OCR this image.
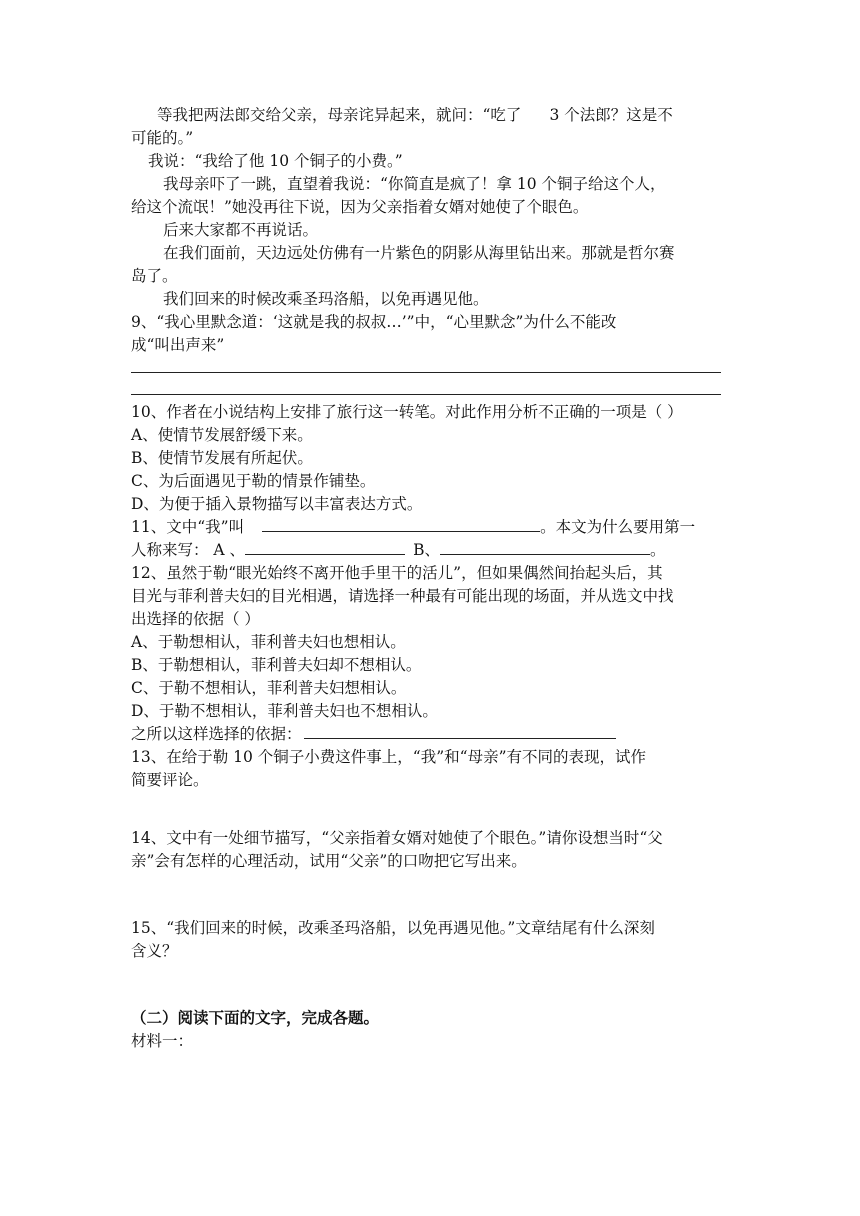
等我把两法郎交给父亲，母亲诧异起来，就问：“吃了 3 个法郎？这是不
可能的。”
我说：“我给了他 10 个铜子的小费。”
我母亲吓了一跳，直望着我说：“你简直是疯了！拿 10 个铜子给这个人，
给这个流氓！”她没再往下说，因为父亲指着女婿对她使了个眼色。
后来大家都不再说话。
在我们面前，天边远处仿佛有一片紫色的阴影从海里钻出来。那就是哲尔赛
岛了。
我们回来的时候改乘圣玛洛船，以免再遇见他。
9、“我心里默念道：‘这就是我的叔叔…’”中，“心里默念”为什么不能改
成“叫出声来”
10、作者在小说结构上安排了旅行这一转笔。对此作用分析不正确的一项是（ ）
A、使情节发展舒缓下来。
B、使情节发展有所起伏。
C、为后面遇见于勒的情景作铺垫。
D、为便于插入景物描写以丰富表达方式。
11、文中“我”叫	。本文为什么要用第一
人称来写： A 、	B、	。
12、虽然于勒“眼光始终不离开他手里干的活儿”，但如果偶然间抬起头后，其
目光与菲利普夫妇的目光相遇，请选择一种最有可能出现的场面，并从选文中找
出选择的依据（ ）
A、于勒想相认，菲利普夫妇也想相认。
B、于勒想相认，菲利普夫妇却不想相认。
C、于勒不想相认，菲利普夫妇想相认。
D、于勒不想相认，菲利普夫妇也不想相认。
之所以这样选择的依据：
13、在给于勒 10 个铜子小费这件事上，“我”和“母亲”有不同的表现，试作
简要评论。
14、文中有一处细节描写，“父亲指着女婿对她使了个眼色。”请你设想当时“父
亲”会有怎样的心理活动，试用“父亲”的口吻把它写出来。
15、“我们回来的时候，改乘圣玛洛船，以免再遇见他。”文章结尾有什么深刻
含义？
（二）阅读下面的文字，完成各题。
材料一：
